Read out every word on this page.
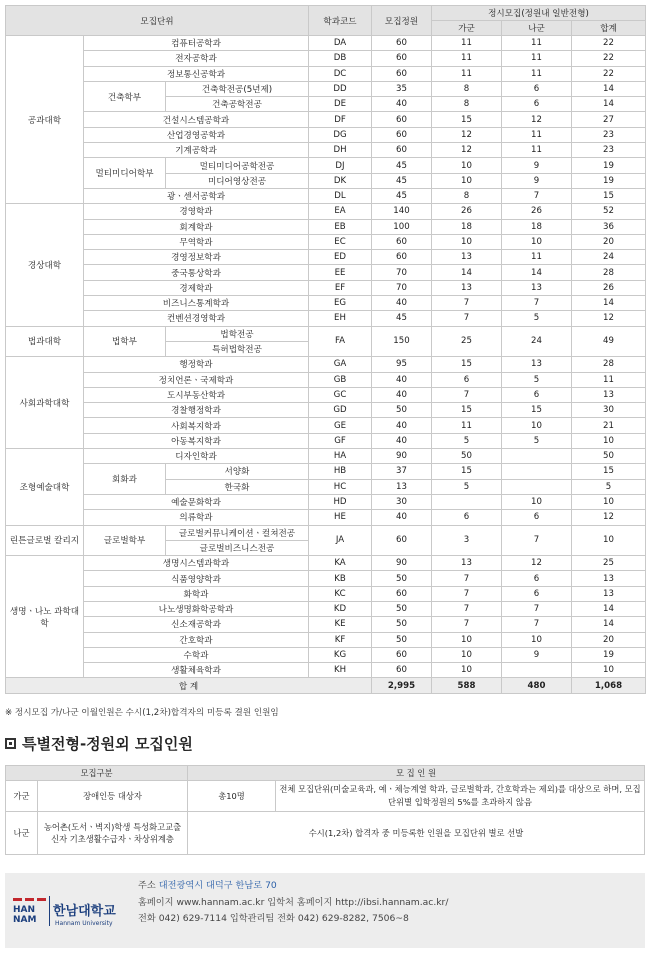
모집단위			학과코드	모집정원	정시모집(정원내 일반전형)		
					가군	나군	합계
공과대학	컴퓨터공학과		DA	60	11	11	22
	전자공학과		DB	60	11	11	22
	정보통신공학과		DC	60	11	11	22
	건축학부	건축학전공(5년제)	DD	35	8	6	14
		건축공학전공	DE	40	8	6	14
	건설시스템공학과		DF	60	15	12	27
	산업경영공학과		DG	60	12	11	23
	기계공학과		DH	60	12	11	23
	멀티미디어학부	멀티미디어공학전공	DJ	45	10	9	19
		미디어영상전공	DK	45	10	9	19
	광ㆍ센서공학과		DL	45	8	7	15
경상대학	경영학과		EA	140	26	26	52
	회계학과		EB	100	18	18	36
	무역학과		EC	60	10	10	20
	경영정보학과		ED	60	13	11	24
	중국통상학과		EE	70	14	14	28
	경제학과		EF	70	13	13	26
	비즈니스통계학과		EG	40	7	7	14
	컨벤션경영학과		EH	45	7	5	12
법과대학	법학부	법학전공	FA	150	25	24	49
		특허법학전공					
사회과학대학	행정학과		GA	95	15	13	28
	정치언론ㆍ국제학과		GB	40	6	5	11
	도시부동산학과		GC	40	7	6	13
	경찰행정학과		GD	50	15	15	30
	사회복지학과		GE	40	11	10	21
	아동복지학과		GF	40	5	5	10
조형예술대학	디자인학과		HA	90	50		50
	회화과	서양화	HB	37	15		15
		한국화	HC	13	5		5
	예술문화학과		HD	30		10	10
	의류학과		HE	40	6	6	12
린튼글로벌 칼리지	글로벌학부	글로벌커뮤니케이션ㆍ컬쳐전공	JA	60	3	7	10
		글로벌비즈니스전공					
생명ㆍ나노 과학대학	생명시스템과학과		KA	90	13	12	25
	식품영양학과		KB	50	7	6	13
	화학과		KC	60	7	6	13
	나노생명화학공학과		KD	50	7	7	14
	신소재공학과		KE	50	7	7	14
	간호학과		KF	50	10	10	20
	수학과		KG	60	10	9	19
	생활체육학과		KH	60	10		10
합 계				2,995	588	480	1,068
※ 정시모집 가/나군 이월인원은 수시(1,2차)합격자의 미등록 결원 인원임
특별전형-정원외 모집인원
모집구분		모 집 인 원	
가군	장애인등 대상자	총10명	전체 모집단위(미술교육과, 예ㆍ체능계열 학과, 글로벌학과, 간호학과는 제외)를 대상으로 하며, 모집단위별 입학정원의 5%를 초과하지 않음
나군	농어촌(도서ㆍ벽지)학생 특성화고교출신자 기초생활수급자ㆍ차상위계층	수시(1,2차) 합격자 중 미등록한 인원을 모집단위 별로 선발	
HAN
NAM
한남대학교
Hannam University
주소 대전광역시 대덕구 한남로 70
홈페이지 www.hannam.ac.kr 입학처 홈페이지 http://ibsi.hannam.ac.kr/
전화 042) 629-7114 입학관리팀 전화 042) 629-8282, 7506~8
